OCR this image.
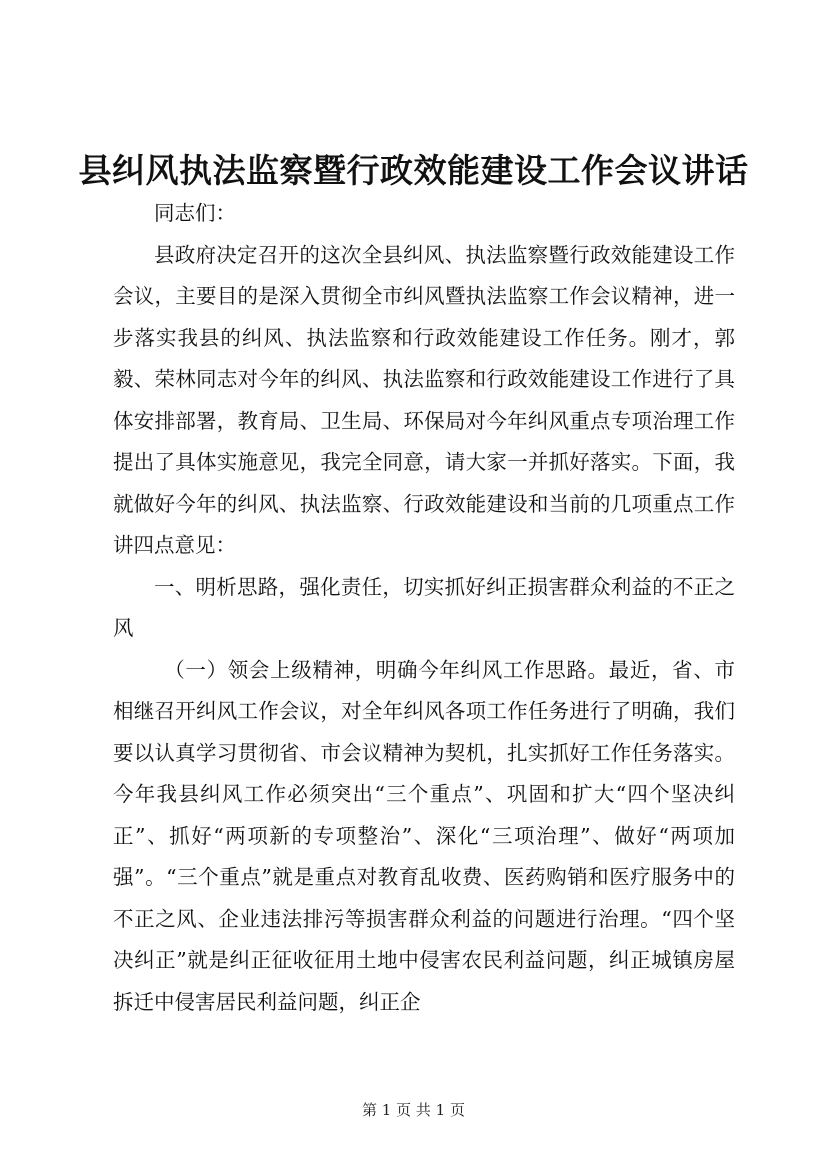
县纠风执法监察暨行政效能建设工作会议讲话

同志们：

县政府决定召开的这次全县纠风、执法监察暨行政效能建设工作会议，主要目的是深入贯彻全市纠风暨执法监察工作会议精神，进一步落实我县的纠风、执法监察和行政效能建设工作任务。刚才，郭毅、荣林同志对今年的纠风、执法监察和行政效能建设工作进行了具体安排部署，教育局、卫生局、环保局对今年纠风重点专项治理工作提出了具体实施意见，我完全同意，请大家一并抓好落实。下面，我就做好今年的纠风、执法监察、行政效能建设和当前的几项重点工作讲四点意见：

一、明析思路，强化责任，切实抓好纠正损害群众利益的不正之风

（一）领会上级精神，明确今年纠风工作思路。最近，省、市相继召开纠风工作会议，对全年纠风各项工作任务进行了明确，我们要以认真学习贯彻省、市会议精神为契机，扎实抓好工作任务落实。今年我县纠风工作必须突出“三个重点”、巩固和扩大“四个坚决纠正”、抓好“两项新的专项整治”、深化“三项治理”、做好“两项加强”。“三个重点”就是重点对教育乱收费、医药购销和医疗服务中的不正之风、企业违法排污等损害群众利益的问题进行治理。“四个坚决纠正”就是纠正征收征用土地中侵害农民利益问题，纠正城镇房屋拆迁中侵害居民利益问题，纠正企

第 1 页 共 1 页
